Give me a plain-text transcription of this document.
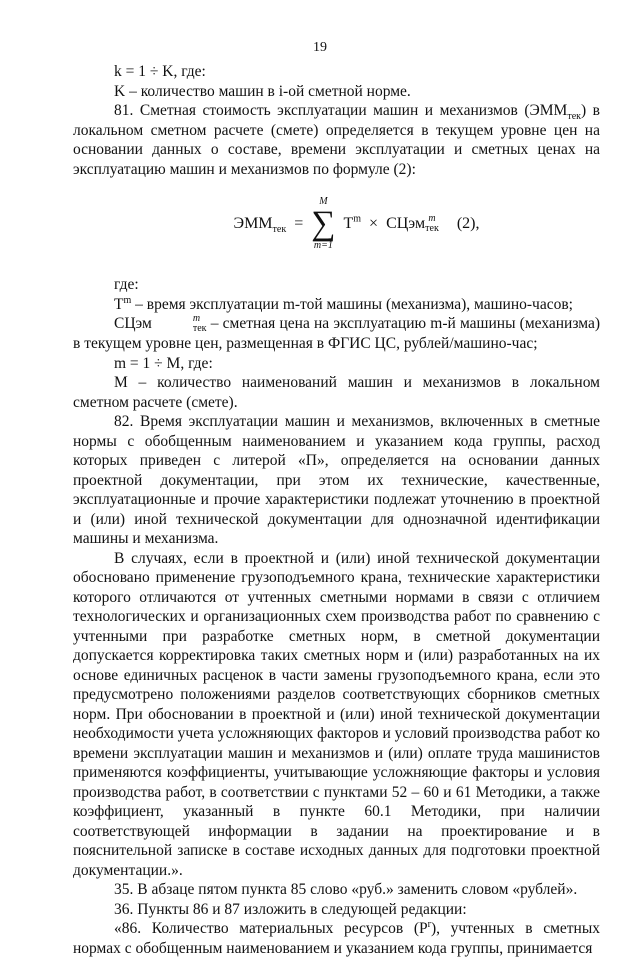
19

k = 1 ÷ K, где:

K – количество машин в i-ой сметной норме.

81. Сметная стоимость эксплуатации машин и механизмов $(ЭММ_{тек})$ в локальном сметном расчете (смете) определяется в текущем уровне цен на основании данных о составе, времени эксплуатации и сметных ценах на эксплуатацию машин и механизмов по формуле (2):

$ЭММ_{тек}$ =
M
∑
m=1
$T^m$ × СЦэм m
тек (2),

где:

$T^m$ – время эксплуатации m-той машины (механизма), машино-часов;

СЦэм	m
тек – сметная цена на эксплуатацию m-й машины (механизма) в текущем уровне цен, размещенная в ФГИС ЦС, рублей/машино-час;

m = 1 ÷ M, где:

M – количество наименований машин и механизмов в локальном сметном расчете (смете).

82. Время эксплуатации машин и механизмов, включенных в сметные нормы с обобщенным наименованием и указанием кода группы, расход которых приведен с литерой «П», определяется на основании данных проектной документации, при этом их технические, качественные, эксплуатационные и прочие характеристики подлежат уточнению в проектной и (или) иной технической документации для однозначной идентификации машины и механизма.

В случаях, если в проектной и (или) иной технической документации обосновано применение грузоподъемного крана, технические характеристики которого отличаются от учтенных сметными нормами в связи с отличием технологических и организационных схем производства работ по сравнению с учтенными при разработке сметных норм, в сметной документации допускается корректировка таких сметных норм и (или) разработанных на их основе единичных расценок в части замены грузоподъемного крана, если это предусмотрено положениями разделов соответствующих сборников сметных норм. При обосновании в проектной и (или) иной технической документации необходимости учета усложняющих факторов и условий производства работ ко времени эксплуатации машин и механизмов и (или) оплате труда машинистов применяются коэффициенты, учитывающие усложняющие факторы и условия производства работ, в соответствии с пунктами 52 – 60 и 61 Методики, а также коэффициент, указанный в пункте 60.1 Методики, при наличии соответствующей информации в задании на проектирование и в пояснительной записке в составе исходных данных для подготовки проектной документации.».

35. В абзаце пятом пункта 85 слово «руб.» заменить словом «рублей».

36. Пункты 86 и 87 изложить в следующей редакции:

«86. Количество материальных ресурсов $(P^r)$, учтенных в сметных нормах с обобщенным наименованием и указанием кода группы, принимается
